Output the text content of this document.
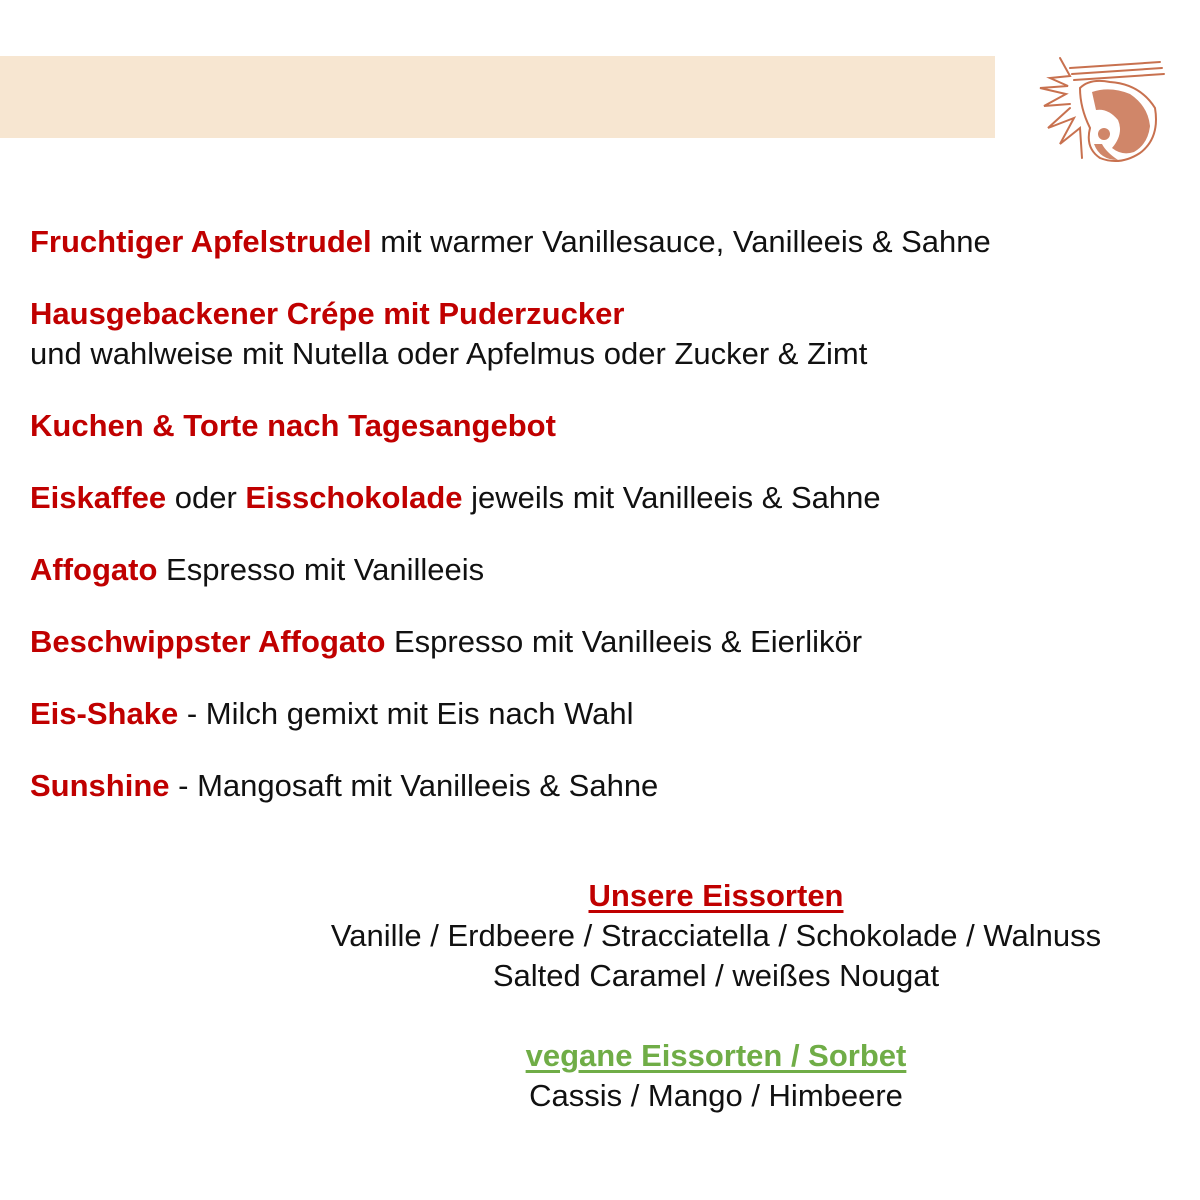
Fruchtiger Apfelstrudel mit warmer Vanillesauce, Vanilleeis & Sahne
Hausgebackener Crépe mit Puderzucker
und wahlweise mit Nutella oder Apfelmus oder Zucker & Zimt
Kuchen & Torte nach Tagesangebot
Eiskaffee oder Eisschokolade jeweils mit Vanilleeis & Sahne
Affogato Espresso mit Vanilleeis
Beschwippster Affogato Espresso mit Vanilleeis & Eierlikör
Eis-Shake - Milch gemixt mit Eis nach Wahl
Sunshine - Mangosaft mit Vanilleeis & Sahne
Unsere Eissorten
Vanille / Erdbeere / Stracciatella / Schokolade / Walnuss
Salted Caramel / weißes Nougat
vegane Eissorten / Sorbet
Cassis / Mango / Himbeere
